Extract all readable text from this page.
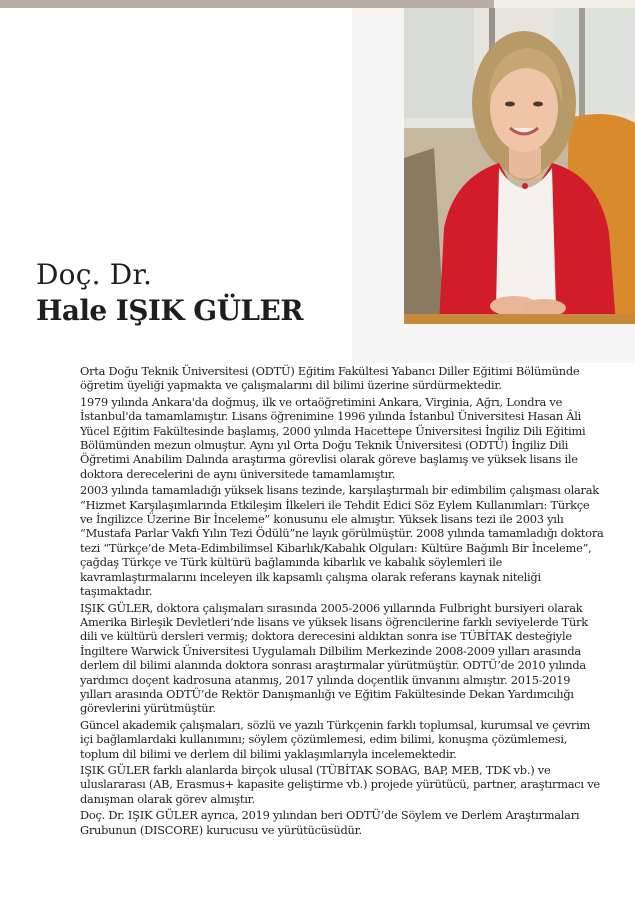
Doç. Dr.
Hale IŞIK GÜLER

Orta Doğu Teknik Üniversitesi (ODTÜ) Eğitim Fakültesi Yabancı Diller Eğitimi Bölümünde öğretim üyeliği yapmakta ve çalışmalarını dil bilimi üzerine sürdürmektedir.

1979 yılında Ankara'da doğmuş, ilk ve ortaöğretimini Ankara, Virginia, Ağrı, Londra ve İstanbul'da tamamlamıştır. Lisans öğrenimine 1996 yılında İstanbul Üniversitesi Hasan Âli Yücel Eğitim Fakültesinde başlamış, 2000 yılında Hacettepe Üniversitesi İngiliz Dili Eğitimi Bölümünden mezun olmuştur. Aynı yıl Orta Doğu Teknik Üniversitesi (ODTÜ) İngiliz Dili Öğretimi Anabilim Dalında araştırma görevlisi olarak göreve başlamış ve yüksek lisans ile doktora derecelerini de aynı üniversitede tamamlamıştır.

2003 yılında tamamladığı yüksek lisans tezinde, karşılaştırmalı bir edimbilim çalışması olarak “Hizmet Karşılaşımlarında Etkileşim İlkeleri ile Tehdit Edici Söz Eylem Kullanımları: Türkçe ve İngilizce Üzerine Bir İnceleme” konusunu ele almıştır. Yüksek lisans tezi ile 2003 yılı “Mustafa Parlar Vakfı Yılın Tezi Ödülü”ne layık görülmüştür. 2008 yılında tamamladığı doktora tezi “Türkçe’de Meta-Edimbilimsel Kibarlık/Kabalık Olguları: Kültüre Bağımlı Bir İnceleme”, çağdaş Türkçe ve Türk kültürü bağlamında kibarlık ve kabalık söylemleri ile kavramlaştırmalarını inceleyen ilk kapsamlı çalışma olarak referans kaynak niteliği taşımaktadır.

IŞIK GÜLER, doktora çalışmaları sırasında 2005-2006 yıllarında Fulbright bursiyeri olarak Amerika Birleşik Devletleri’nde lisans ve yüksek lisans öğrencilerine farklı seviyelerde Türk dili ve kültürü dersleri vermiş; doktora derecesini aldıktan sonra ise TÜBİTAK desteğiyle İngiltere Warwick Üniversitesi Uygulamalı Dilbilim Merkezinde 2008-2009 yılları arasında derlem dil bilimi alanında doktora sonrası araştırmalar yürütmüştür. ODTÜ’de 2010 yılında yardımcı doçent kadrosuna atanmış, 2017 yılında doçentlik ünvanını almıştır. 2015-2019 yılları arasında ODTÜ’de Rektör Danışmanlığı ve Eğitim Fakültesinde Dekan Yardımcılığı görevlerini yürütmüştür.

Güncel akademik çalışmaları, sözlü ve yazılı Türkçenin farklı toplumsal, kurumsal ve çevrim içi bağlamlardaki kullanımını; söylem çözümlemesi, edim bilimi, konuşma çözümlemesi, toplum dil bilimi ve derlem dil bilimi yaklaşımlarıyla incelemektedir.

IŞIK GÜLER farklı alanlarda birçok ulusal (TÜBİTAK SOBAG, BAP, MEB, TDK vb.) ve uluslararası (AB, Erasmus+ kapasite geliştirme vb.) projede yürütücü, partner, araştırmacı ve danışman olarak görev almıştır.

Doç. Dr. IŞIK GÜLER ayrıca, 2019 yılından beri ODTÜ’de Söylem ve Derlem Araştırmaları Grubunun (DISCORE) kurucusu ve yürütücüsüdür.
